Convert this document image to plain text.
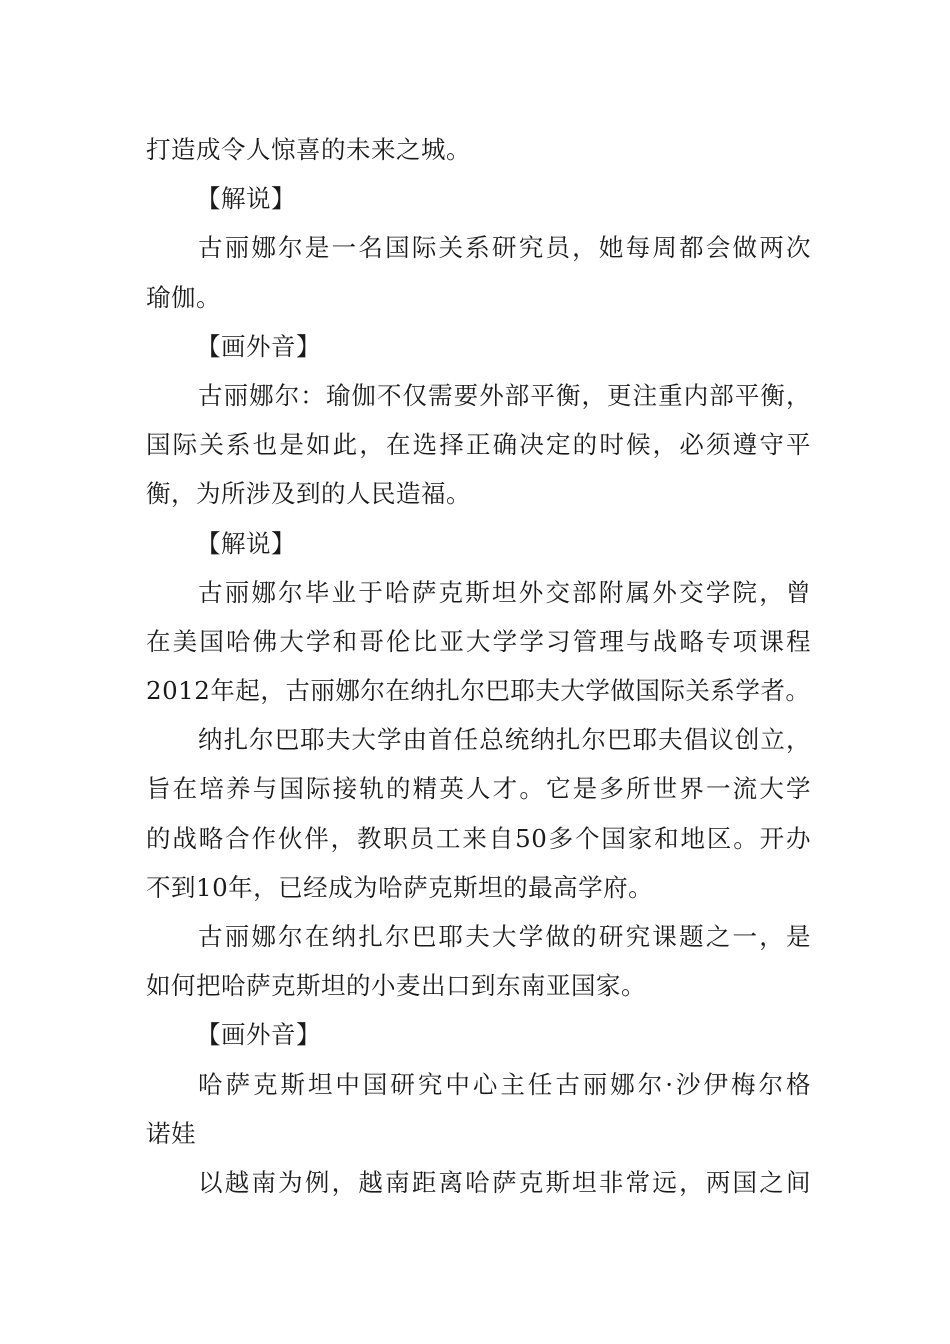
打造成令人惊喜的未来之城。
【解说】
古丽娜尔是一名国际关系研究员，她每周都会做两次
瑜伽。
【画外音】
古丽娜尔：瑜伽不仅需要外部平衡，更注重内部平衡，
国际关系也是如此，在选择正确决定的时候，必须遵守平
衡，为所涉及到的人民造福。
【解说】
古丽娜尔毕业于哈萨克斯坦外交部附属外交学院，曾
在美国哈佛大学和哥伦比亚大学学习管理与战略专项课程
2012年起，古丽娜尔在纳扎尔巴耶夫大学做国际关系学者。
纳扎尔巴耶夫大学由首任总统纳扎尔巴耶夫倡议创立，
旨在培养与国际接轨的精英人才。它是多所世界一流大学
的战略合作伙伴，教职员工来自50多个国家和地区。开办
不到10年，已经成为哈萨克斯坦的最高学府。
古丽娜尔在纳扎尔巴耶夫大学做的研究课题之一，是
如何把哈萨克斯坦的小麦出口到东南亚国家。
【画外音】
哈萨克斯坦中国研究中心主任古丽娜尔·沙伊梅尔格
诺娃
以越南为例，越南距离哈萨克斯坦非常远，两国之间
